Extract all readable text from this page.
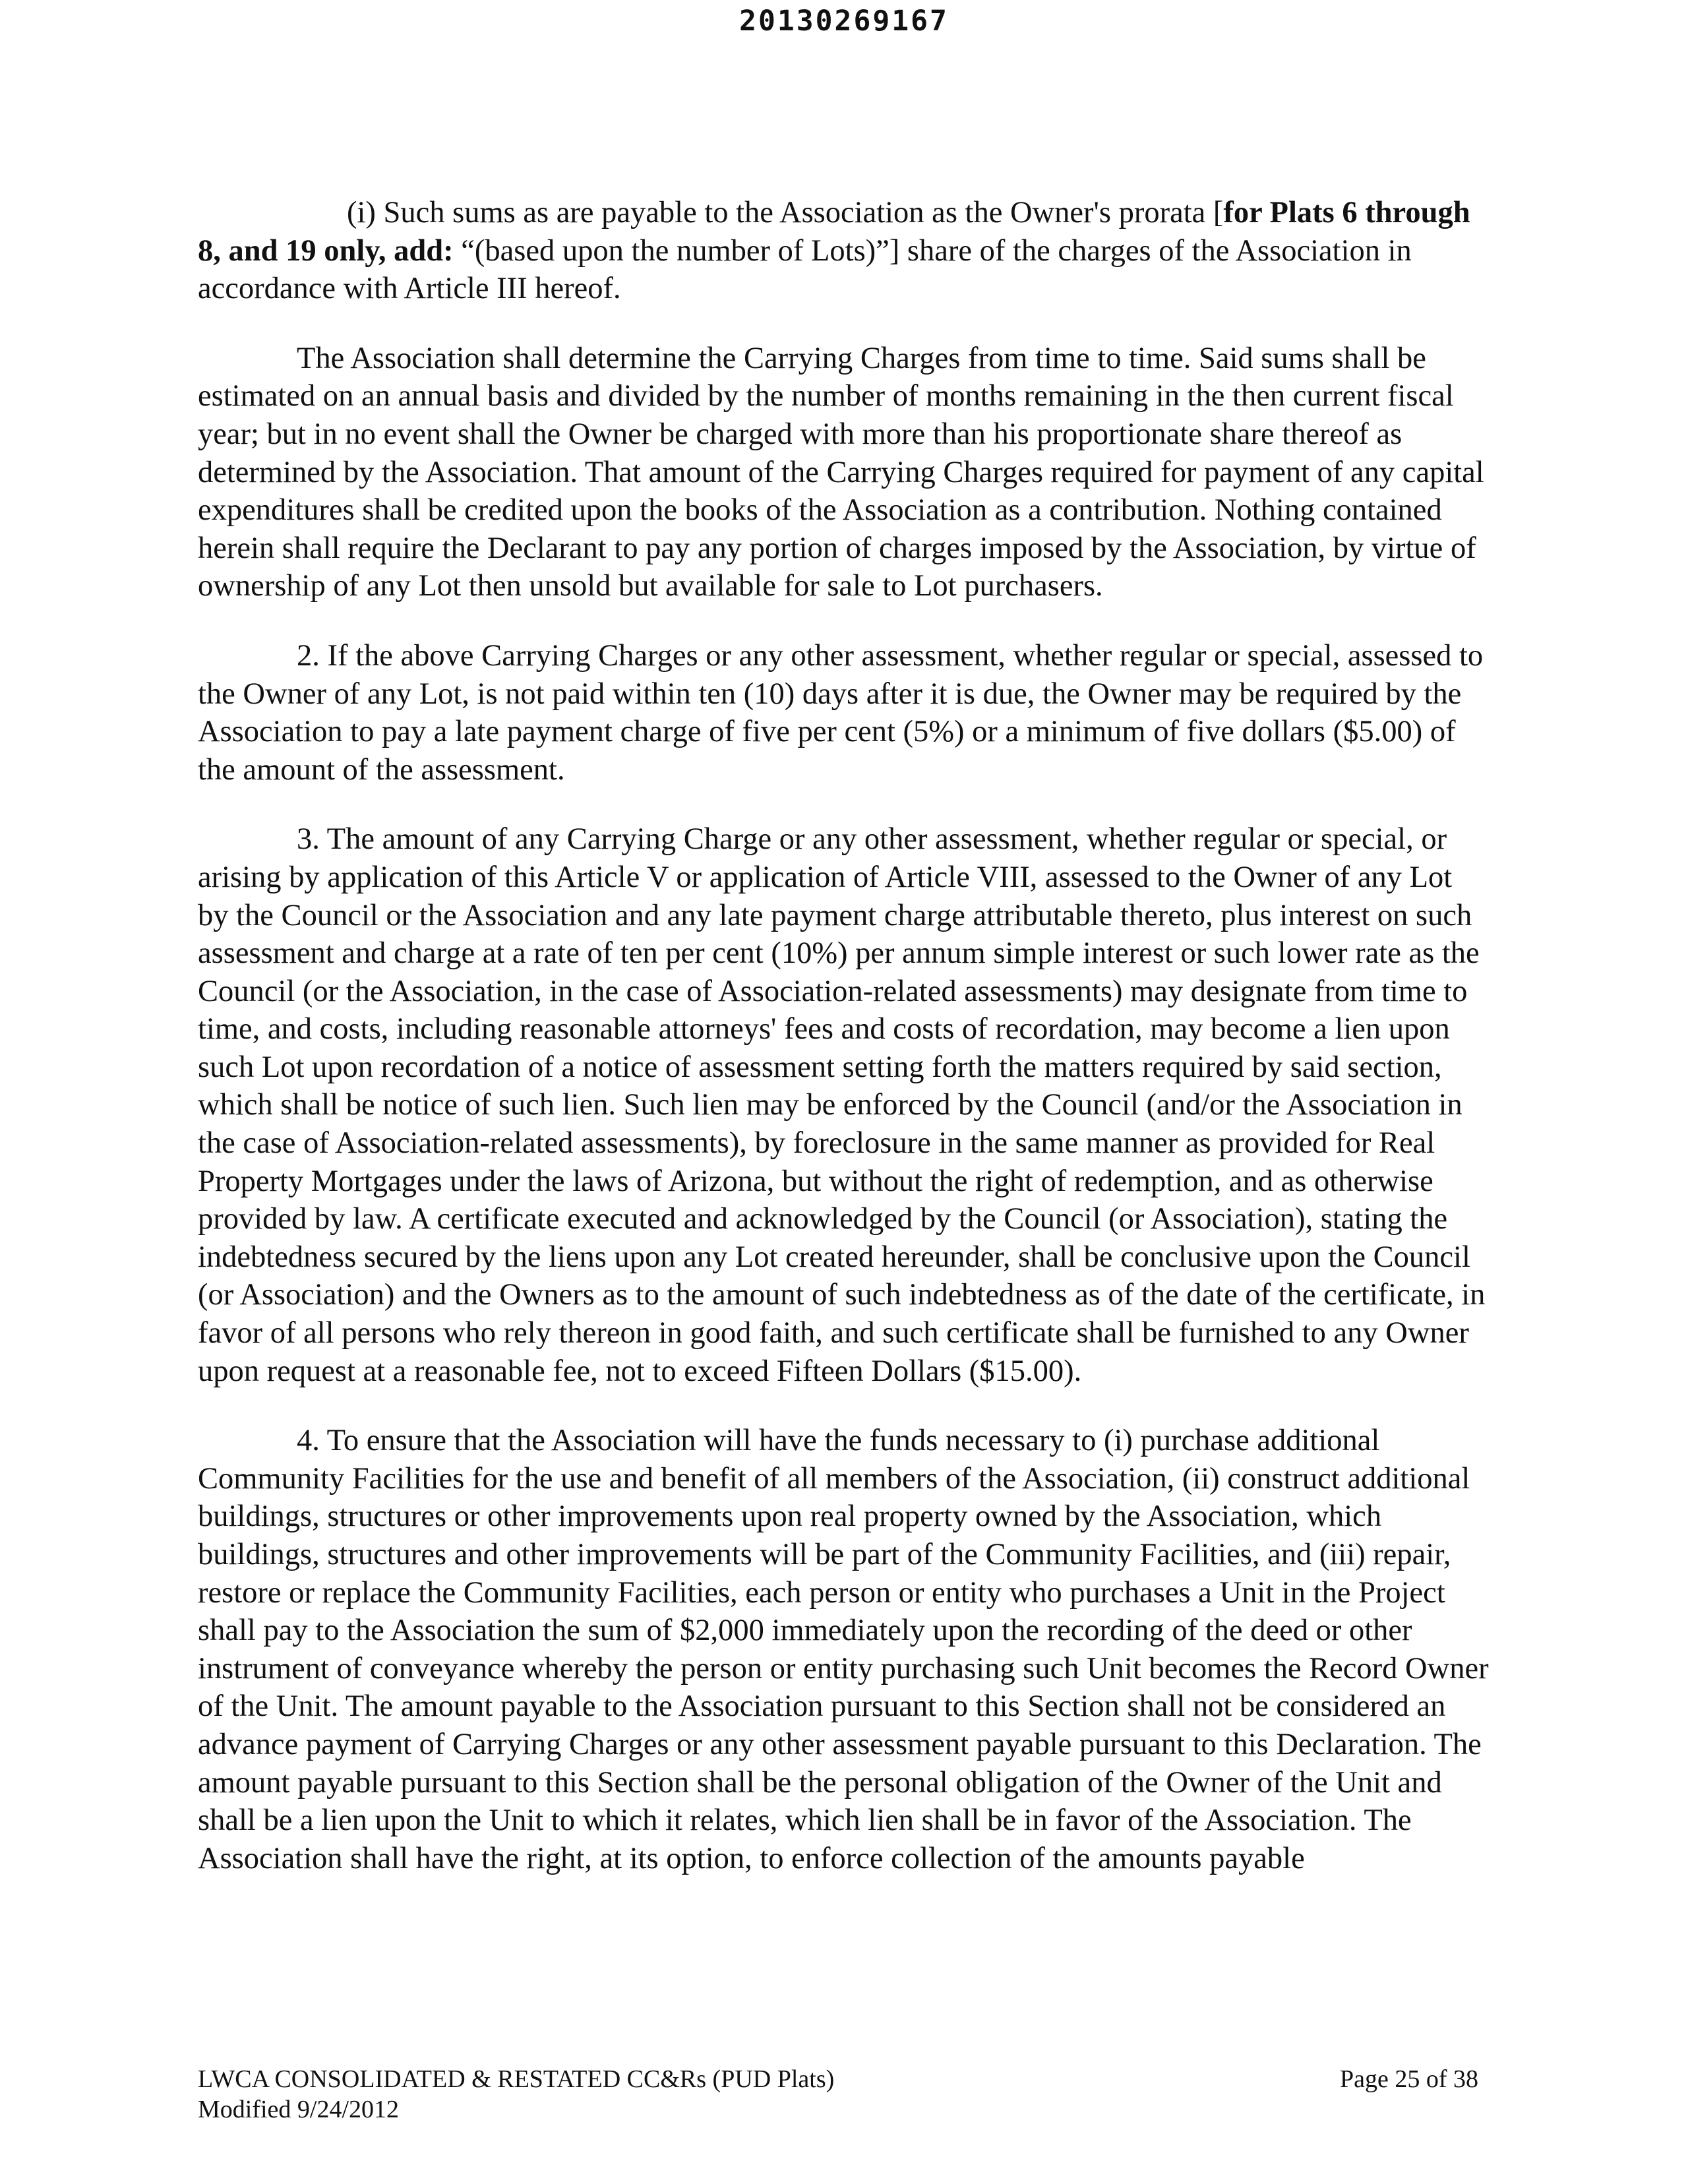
20130269167

(i) Such sums as are payable to the Association as the Owner's prorata [for Plats 6 through 8, and 19 only, add: “(based upon the number of Lots)”] share of the charges of the Association in accordance with Article III hereof.

The Association shall determine the Carrying Charges from time to time. Said sums shall be estimated on an annual basis and divided by the number of months remaining in the then current fiscal year; but in no event shall the Owner be charged with more than his proportionate share thereof as determined by the Association. That amount of the Carrying Charges required for payment of any capital expenditures shall be credited upon the books of the Association as a contribution. Nothing contained herein shall require the Declarant to pay any portion of charges imposed by the Association, by virtue of ownership of any Lot then unsold but available for sale to Lot purchasers.

2. If the above Carrying Charges or any other assessment, whether regular or special, assessed to the Owner of any Lot, is not paid within ten (10) days after it is due, the Owner may be required by the Association to pay a late payment charge of five per cent (5%) or a minimum of five dollars ($5.00) of the amount of the assessment.

3. The amount of any Carrying Charge or any other assessment, whether regular or special, or arising by application of this Article V or application of Article VIII, assessed to the Owner of any Lot by the Council or the Association and any late payment charge attributable thereto, plus interest on such assessment and charge at a rate of ten per cent (10%) per annum simple interest or such lower rate as the Council (or the Association, in the case of Association-related assessments) may designate from time to time, and costs, including reasonable attorneys' fees and costs of recordation, may become a lien upon such Lot upon recordation of a notice of assessment setting forth the matters required by said section, which shall be notice of such lien. Such lien may be enforced by the Council (and/or the Association in the case of Association-related assessments), by foreclosure in the same manner as provided for Real Property Mortgages under the laws of Arizona, but without the right of redemption, and as otherwise provided by law. A certificate executed and acknowledged by the Council (or Association), stating the indebtedness secured by the liens upon any Lot created hereunder, shall be conclusive upon the Council (or Association) and the Owners as to the amount of such indebtedness as of the date of the certificate, in favor of all persons who rely thereon in good faith, and such certificate shall be furnished to any Owner upon request at a reasonable fee, not to exceed Fifteen Dollars ($15.00).

4. To ensure that the Association will have the funds necessary to (i) purchase additional Community Facilities for the use and benefit of all members of the Association, (ii) construct additional buildings, structures or other improvements upon real property owned by the Association, which buildings, structures and other improvements will be part of the Community Facilities, and (iii) repair, restore or replace the Community Facilities, each person or entity who purchases a Unit in the Project shall pay to the Association the sum of $2,000 immediately upon the recording of the deed or other instrument of conveyance whereby the person or entity purchasing such Unit becomes the Record Owner of the Unit. The amount payable to the Association pursuant to this Section shall not be considered an advance payment of Carrying Charges or any other assessment payable pursuant to this Declaration. The amount payable pursuant to this Section shall be the personal obligation of the Owner of the Unit and shall be a lien upon the Unit to which it relates, which lien shall be in favor of the Association. The Association shall have the right, at its option, to enforce collection of the amounts payable

LWCA CONSOLIDATED & RESTATED CC&Rs (PUD Plats)	Page 25 of 38
Modified 9/24/2012
